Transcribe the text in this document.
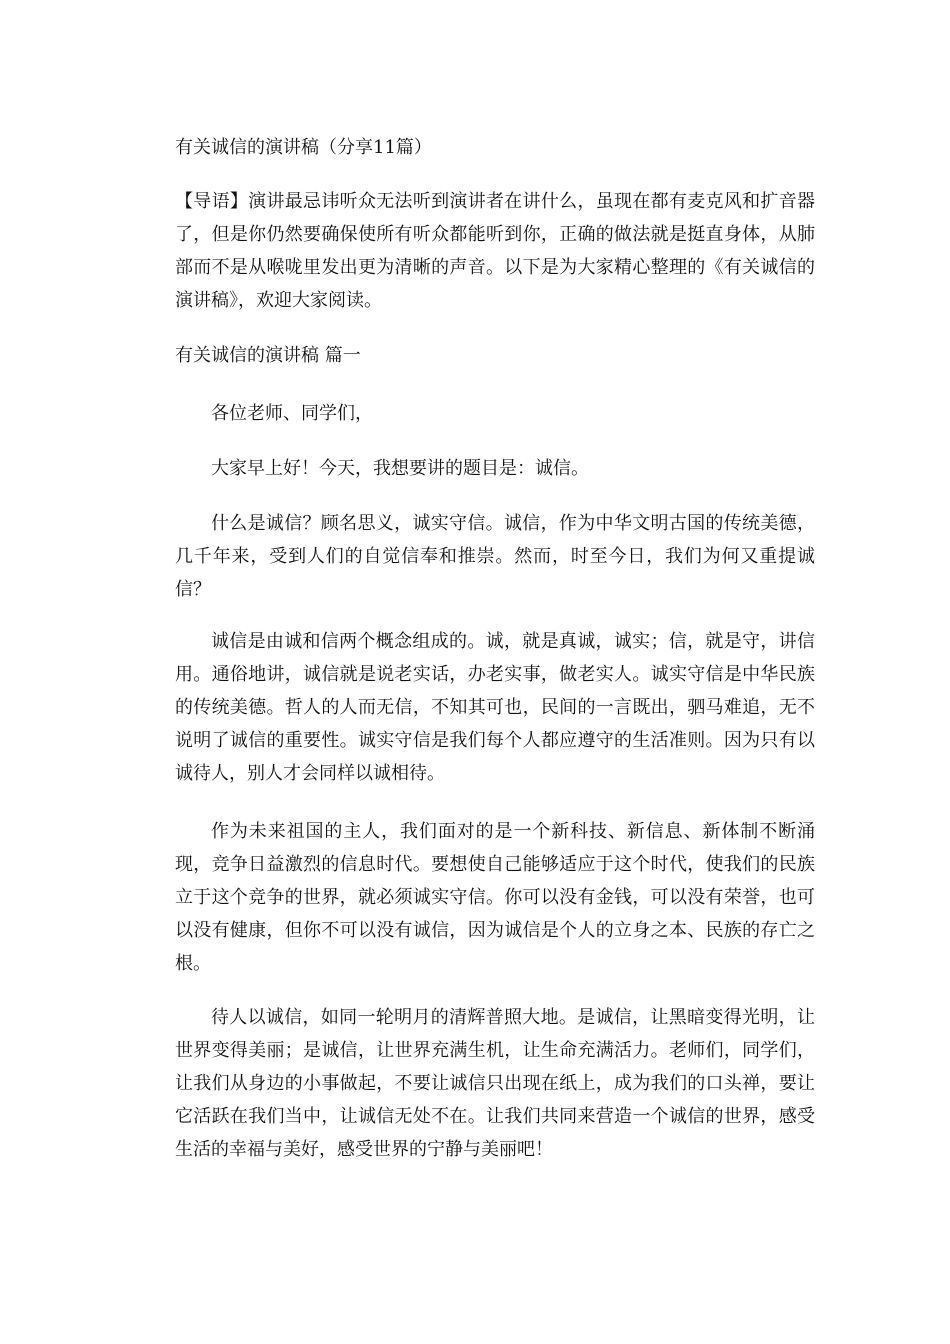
有关诚信的演讲稿（分享11篇）

【导语】演讲最忌讳听众无法听到演讲者在讲什么，虽现在都有麦克风和扩音器了，但是你仍然要确保使所有听众都能听到你，正确的做法就是挺直身体，从肺部而不是从喉咙里发出更为清晰的声音。以下是为大家精心整理的《有关诚信的演讲稿》，欢迎大家阅读。

有关诚信的演讲稿 篇一
各位老师、同学们，
大家早上好！今天，我想要讲的题目是：诚信。

什么是诚信？顾名思义，诚实守信。诚信，作为中华文明古国的传统美德，几千年来，受到人们的自觉信奉和推崇。然而，时至今日，我们为何又重提诚信？

诚信是由诚和信两个概念组成的。诚，就是真诚，诚实；信，就是守，讲信用。通俗地讲，诚信就是说老实话，办老实事，做老实人。诚实守信是中华民族的传统美德。哲人的人而无信，不知其可也，民间的一言既出，驷马难追，无不说明了诚信的重要性。诚实守信是我们每个人都应遵守的生活准则。因为只有以诚待人，别人才会同样以诚相待。

作为未来祖国的主人，我们面对的是一个新科技、新信息、新体制不断涌现，竞争日益激烈的信息时代。要想使自己能够适应于这个时代，使我们的民族立于这个竞争的世界，就必须诚实守信。你可以没有金钱，可以没有荣誉，也可以没有健康，但你不可以没有诚信，因为诚信是个人的立身之本、民族的存亡之根。

待人以诚信，如同一轮明月的清辉普照大地。是诚信，让黑暗变得光明，让世界变得美丽；是诚信，让世界充满生机，让生命充满活力。老师们，同学们，让我们从身边的小事做起，不要让诚信只出现在纸上，成为我们的口头禅，要让它活跃在我们当中，让诚信无处不在。让我们共同来营造一个诚信的世界，感受生活的幸福与美好，感受世界的宁静与美丽吧！
